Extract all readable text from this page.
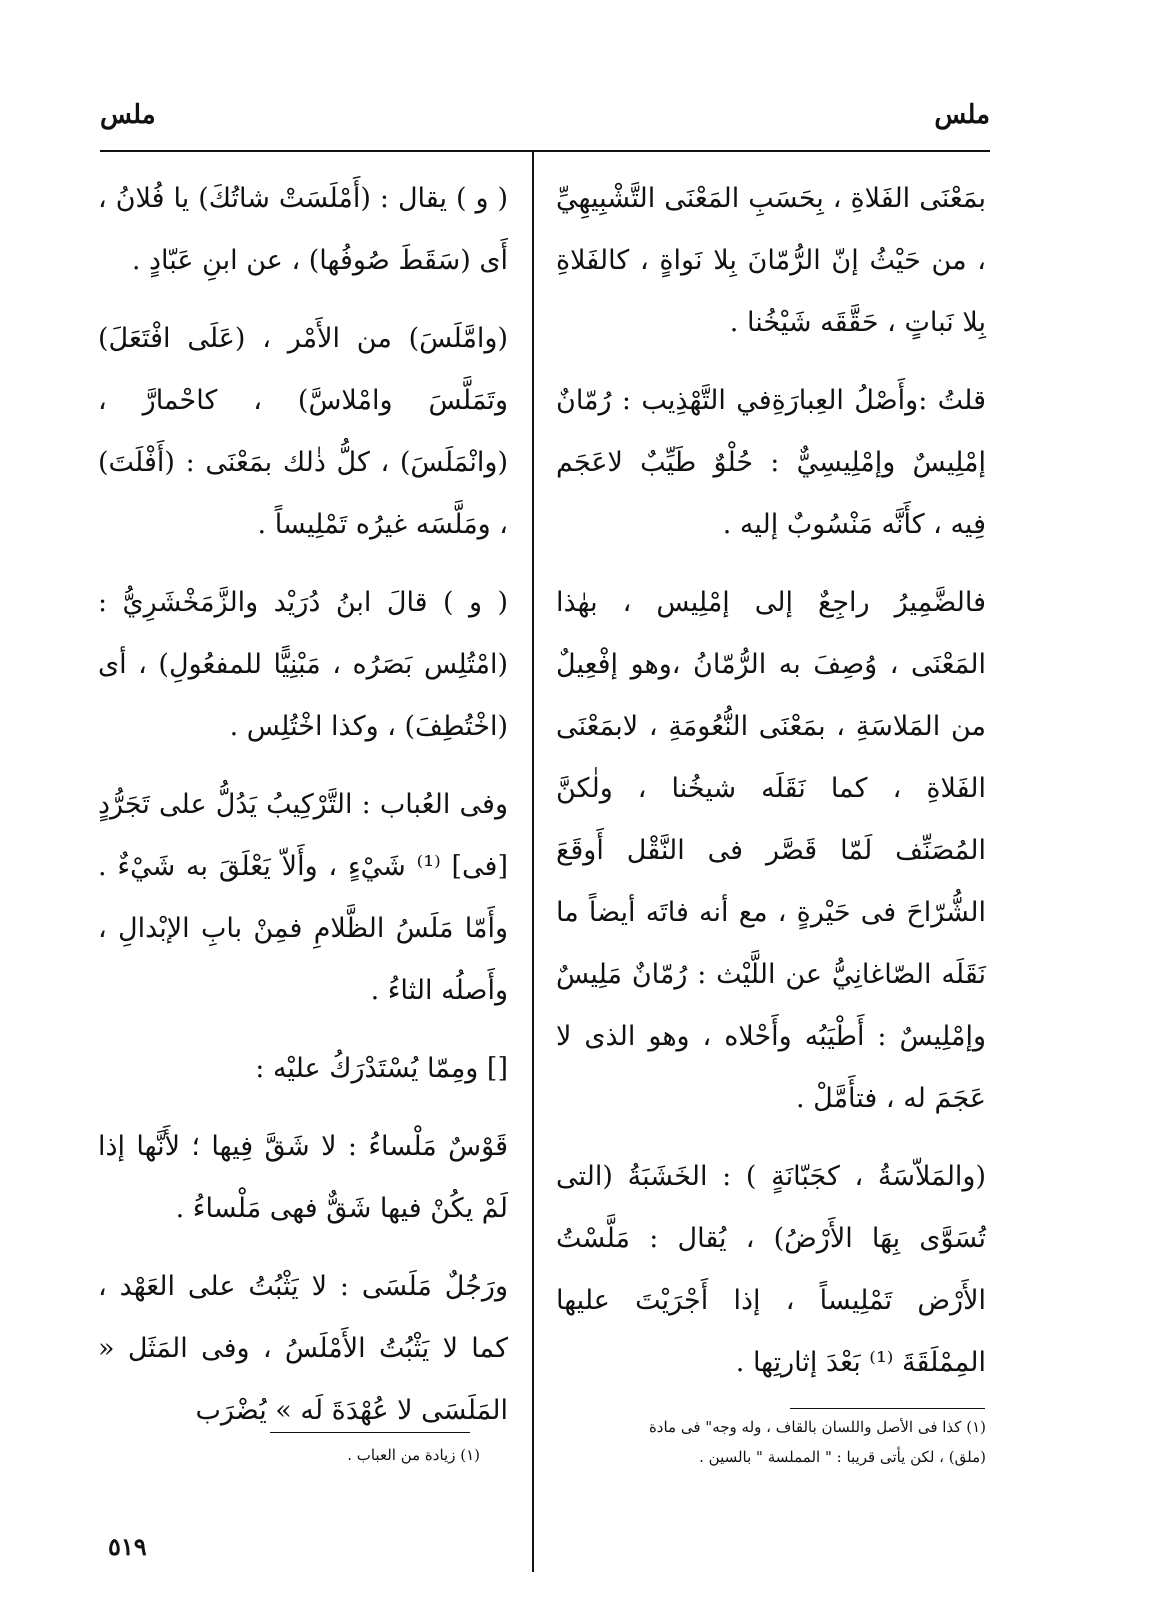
ملس
ملس

بمَعْنَى الفَلاةِ ، بِحَسَبِ المَعْنَى التَّشْبِيهِيِّ ، من حَيْثُ إنّ الرُّمّانَ بِلا نَواةٍ ، كالفَلاةِ بِلا نَباتٍ ، حَقَّقَه شَيْخُنا .

قلتُ :وأَصْلُ العِبارَةِفي التَّهْذِيب : رُمّانٌ إمْلِيسٌ وإمْلِيسِيٌّ : حُلْوٌ طَيِّبٌ لاعَجَم فِيه ، كأَنَّه مَنْسُوبٌ إليه .

فالضَّمِيرُ راجِعٌ إلى إمْلِيس ، بهٰذا المَعْنَى ، وُصِفَ به الرُّمّانُ ،وهو إفْعِيلٌ من المَلاسَةِ ، بمَعْنَى النُّعُومَةِ ، لابمَعْنَى الفَلاةِ ، كما نَقَلَه شيخُنا ، ولٰكنَّ المُصَنِّف لَمّا قَصَّر فى النَّقْل أَوقَعَ الشُّرّاحَ فى حَيْرةٍ ، مع أنه فاتَه أيضاً ما نَقَلَه الصّاغانِيُّ عن اللَّيْث : رُمّانٌ مَلِيسٌ وإمْلِيسٌ : أَطْيَبُه وأَحْلاه ، وهو الذى لا عَجَمَ له ، فتأَمَّلْ .

(والمَلاّسَةُ ، كجَبّانَةٍ ) : الخَشَبَةُ (التى تُسَوَّى بِهَا الأَرْضُ) ، يُقال : مَلَّسْتُ الأَرْض تَمْلِيساً ، إذا أَجْرَيْتَ عليها المِمْلَقَةَ ⁽¹⁾ بَعْدَ إثارتِها .

( و ) يقال : (أَمْلَسَتْ شاتُكَ) يا فُلانُ ، أَى (سَقَطَ صُوفُها) ، عن ابنِ عَبّادٍ .

(وامَّلَسَ) من الأَمْر ، (عَلَى افْتَعَلَ) وتَمَلَّسَ وامْلاسَّ) ، كاحْمارَّ ، (وانْمَلَسَ) ، كلُّ ذٰلك بمَعْنَى : (أَفْلَتَ) ، ومَلَّسَه غيرُه تَمْلِيساً .

( و ) قالَ ابنُ دُرَيْد والزَّمَخْشَرِيُّ : (امْتُلِس بَصَرُه ، مَبْنِيًّا للمفعُولِ) ، أى (اخْتُطِفَ) ، وكذا اخْتُلِس .

وفى العُباب : التَّرْكِيبُ يَدُلُّ على تَجَرُّدٍ [فى] ⁽¹⁾ شَيْءٍ ، وأَلاّ يَعْلَقَ به شَيْءٌ . وأَمّا مَلَسُ الظَّلامِ فمِنْ بابِ الإبْدالِ ، وأَصلُه الثاءُ .

[] ومِمّا يُسْتَدْرَكُ عليْه :

قَوْسٌ مَلْساءُ : لا شَقَّ فِيها ؛ لأَنَّها إذا لَمْ يكُنْ فيها شَقٌّ فهى مَلْساءُ .

ورَجُلٌ مَلَسَى : لا يَثْبُتُ على العَهْد ، كما لا يَثْبُتُ الأَمْلَسُ ، وفى المَثَل « المَلَسَى لا عُهْدَةَ لَه » يُضْرَب

(١) كذا فى الأصل واللسان بالقاف ، وله وجه" فى مادة
(ملق) ، لكن يأتى قريبا : " المملسة " بالسين .
(١) زيادة من العباب .
٥١٩
